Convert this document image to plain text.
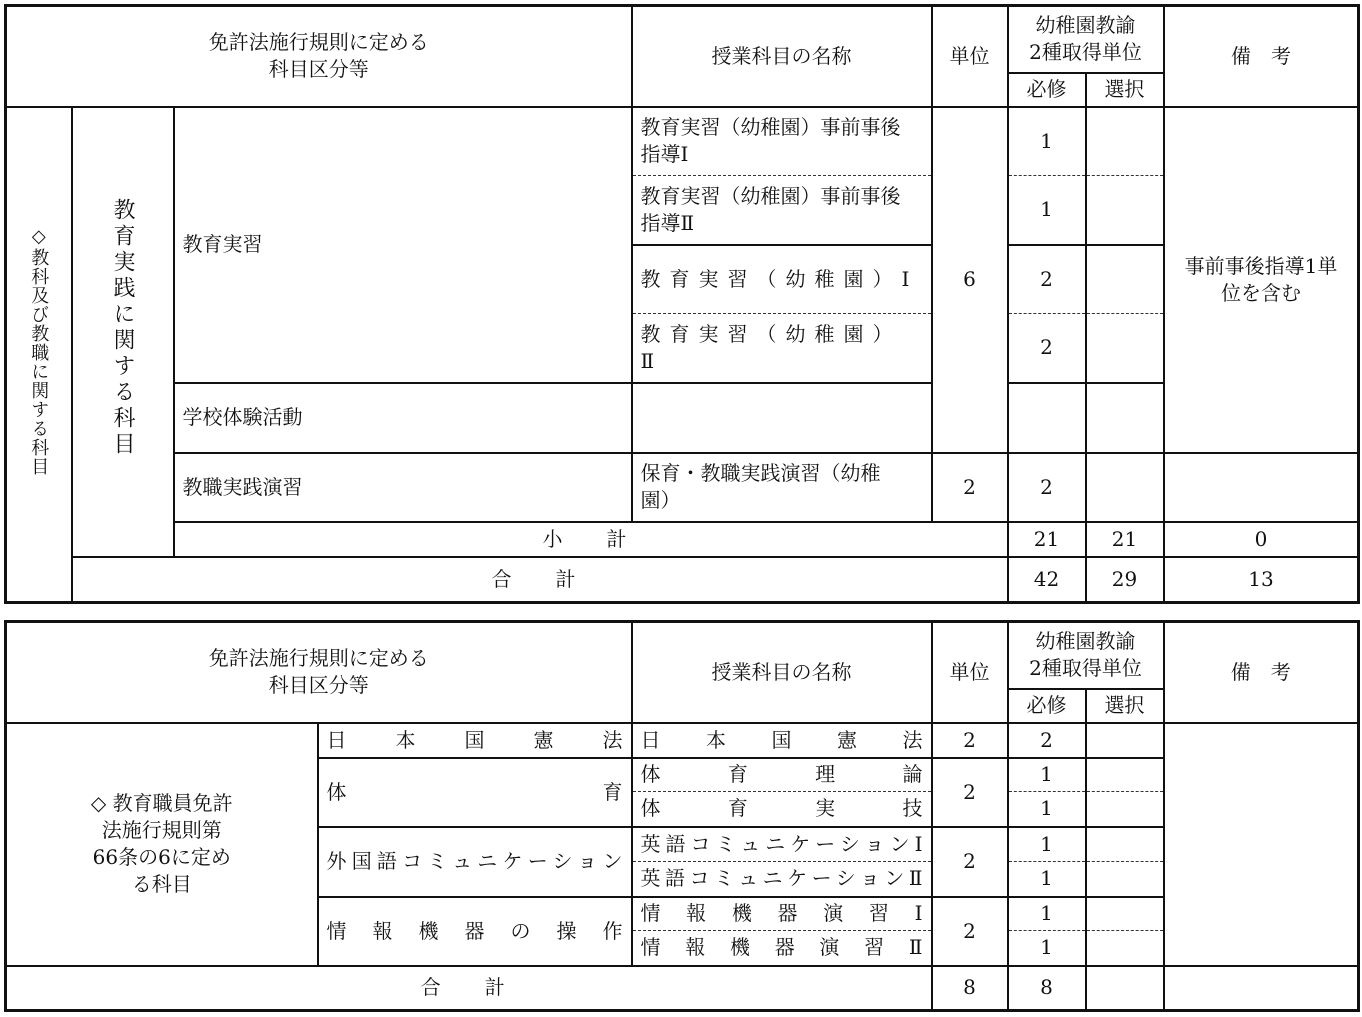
免許法施行規則に定める
科目区分等			授業科目の名称	単位	幼稚園教諭
2種取得単位		備　考	
					必修	選択		
◇教科及び教職に関する科目	教育実践に関する科目	教育実習	教育実習（幼稚園）事前事後
指導Ⅰ	6	1		事前事後指導1単
位を含む	
			教育実習（幼稚園）事前事後
指導Ⅱ		1			
			教育実習（幼稚園）Ⅰ		2			
			教育実習（幼稚園）Ⅱ		2			
		学校体験活動						
		教職実践演習	保育・教職実践演習（幼稚
園）	2	2			
		小　計			21	21	0	
	合　計				42	29	13	
免許法施行規則に定める
科目区分等		授業科目の名称	単位	幼稚園教諭
2種取得単位		備　考
				必修	選択	
◇ 教育職員免許
法施行規則第
66条の6に定め
る科目	日本国憲法	日本国憲法	2	2		
	体育	体育理論	2	1		
		体育実技		1		
	外国語コミュニケーション	英語コミュニケーションⅠ	2	1		
		英語コミュニケーションⅡ		1		
	情報機器の操作	情報機器演習Ⅰ	2	1		
		情報機器演習Ⅱ		1		
合　計			8	8		
